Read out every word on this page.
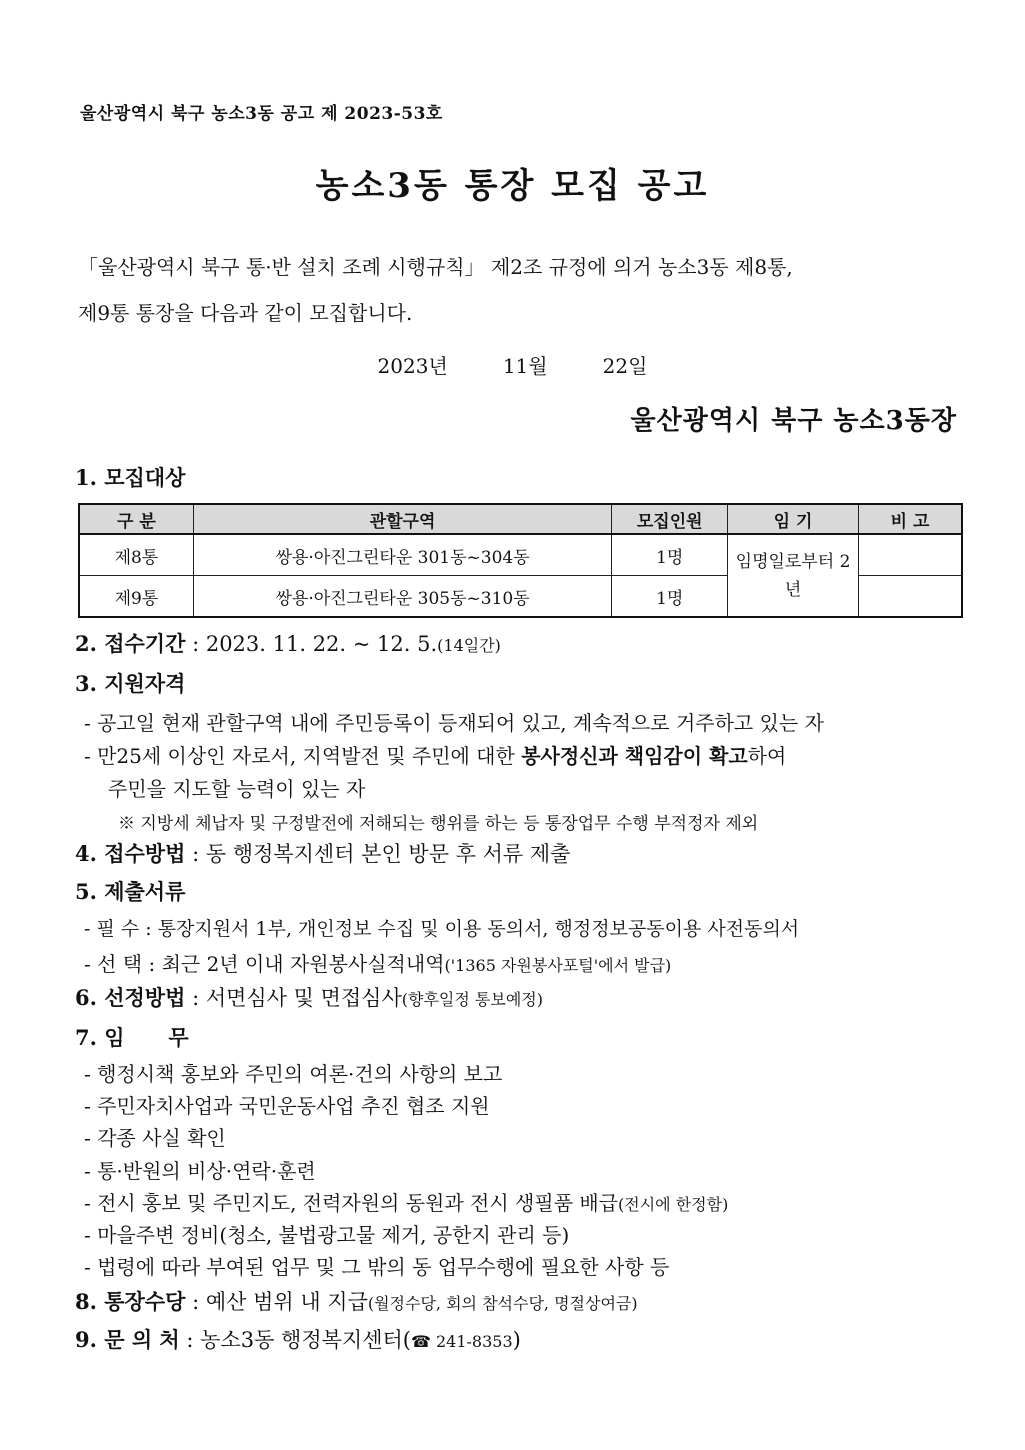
울산광역시 북구 농소3동 공고 제 2023-53호
농소3동 통장 모집 공고
「울산광역시 북구 통·반 설치 조례 시행규칙」 제2조 규정에 의거 농소3동 제8통,

제9통 통장을 다음과 같이 모집합니다.
2023년   11월   22일
울산광역시 북구 농소3동장
1. 모집대상
구 분	관할구역	모집인원	임 기	비 고
제8통	쌍용·아진그린타운 301동~304동	1명	임명일로부터 2년	
제9통	쌍용·아진그린타운 305동~310동	1명		
2. 접수기간 : 2023. 11. 22. ~ 12. 5.(14일간)
3. 지원자격
- 공고일 현재 관할구역 내에 주민등록이 등재되어 있고, 계속적으로 거주하고 있는 자
- 만25세 이상인 자로서, 지역발전 및 주민에 대한 봉사정신과 책임감이 확고하여
주민을 지도할 능력이 있는 자
※ 지방세 체납자 및 구정발전에 저해되는 행위를 하는 등 통장업무 수행 부적정자 제외
4. 접수방법 : 동 행정복지센터 본인 방문 후 서류 제출
5. 제출서류
- 필 수 : 통장지원서 1부, 개인정보 수집 및 이용 동의서, 행정정보공동이용 사전동의서
- 선 택 : 최근 2년 이내 자원봉사실적내역('1365 자원봉사포털'에서 발급)
6. 선정방법 : 서면심사 및 면접심사(향후일정 통보예정)
7. 임      무
- 행정시책 홍보와 주민의 여론·건의 사항의 보고
- 주민자치사업과 국민운동사업 추진 협조 지원
- 각종 사실 확인
- 통·반원의 비상·연락·훈련
- 전시 홍보 및 주민지도, 전력자원의 동원과 전시 생필품 배급(전시에 한정함)
- 마을주변 정비(청소, 불법광고물 제거, 공한지 관리 등)
- 법령에 따라 부여된 업무 및 그 밖의 동 업무수행에 필요한 사항 등
8. 통장수당 : 예산 범위 내 지급(월정수당, 회의 참석수당, 명절상여금)
9. 문 의 처 : 농소3동 행정복지센터(☎ 241-8353)
